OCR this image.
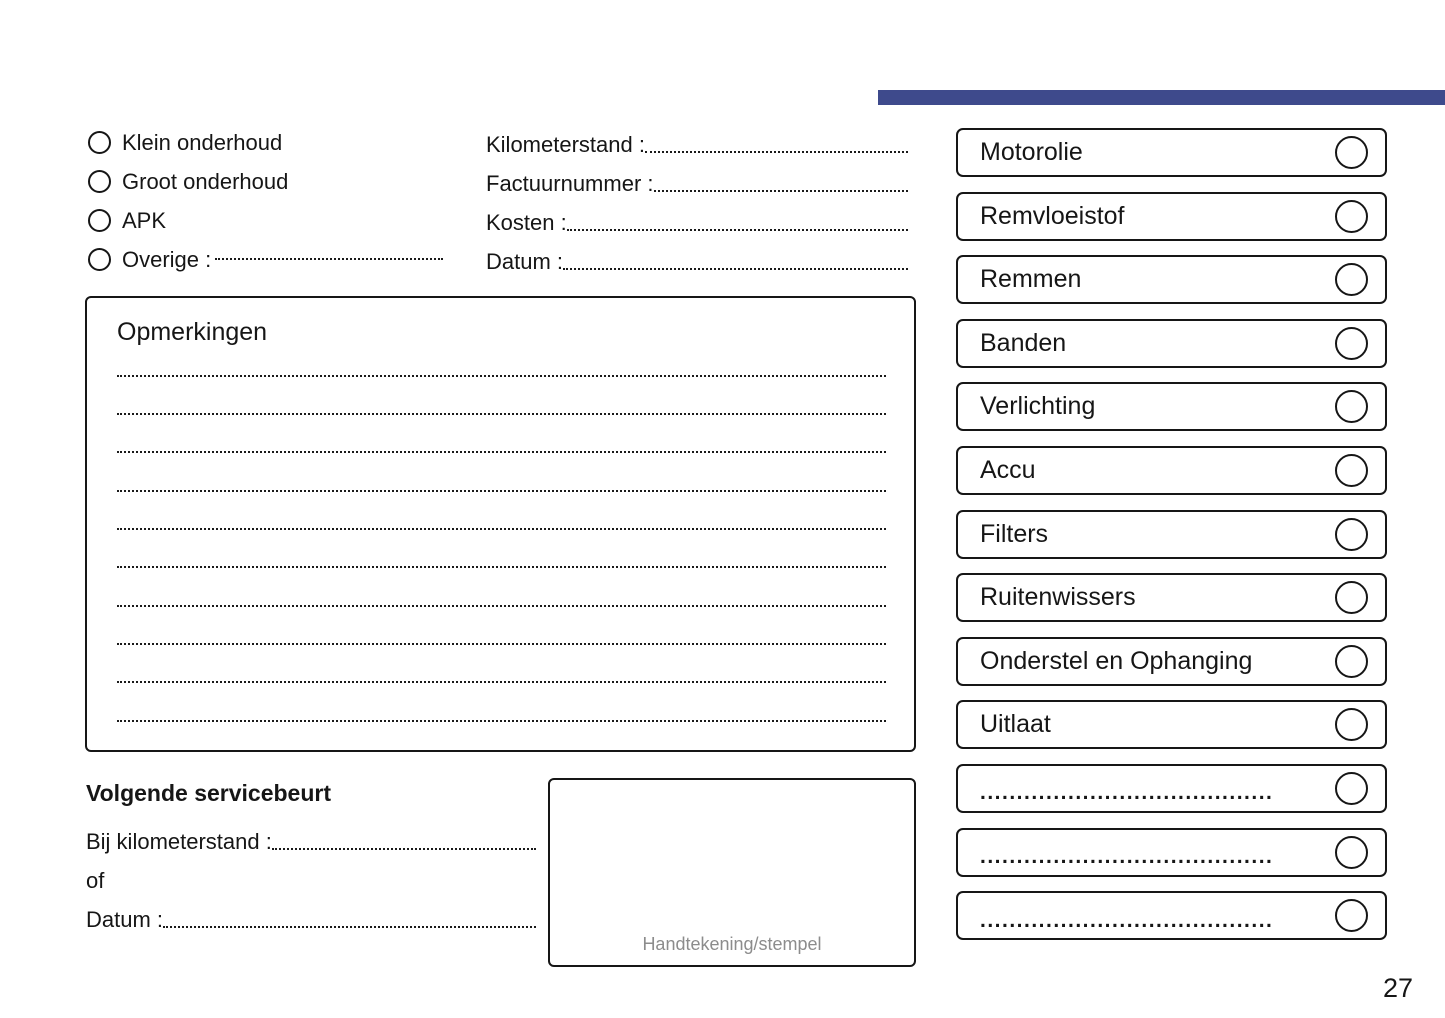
Klein onderhoud
Groot onderhoud
APK
Overige :
Kilometerstand :
Factuurnummer :
Kosten :
Datum :
Opmerkingen
Volgende servicebeurt
Bij kilometerstand :
of
Datum :
Handtekening/stempel
Motorolie
Remvloeistof
Remmen
Banden
Verlichting
Accu
Filters
Ruitenwissers
Onderstel en Ophanging
Uitlaat
........................................
........................................
........................................
27
